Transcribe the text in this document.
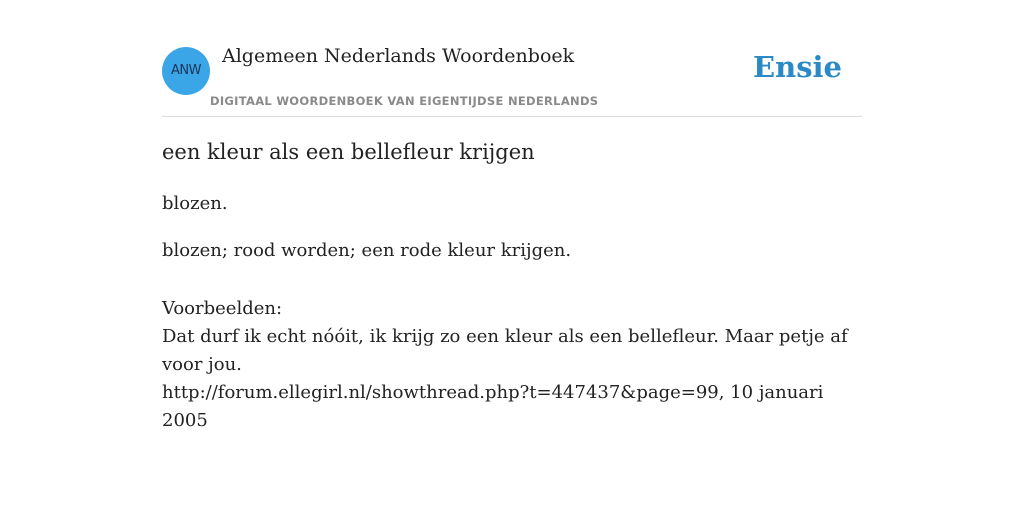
ANW
Algemeen Nederlands Woordenboek
DIGITAAL WOORDENBOEK VAN EIGENTIJDSE NEDERLANDS
Ensie
een kleur als een bellefleur krijgen
blozen.
blozen; rood worden; een rode kleur krijgen.
Voorbeelden:
Dat durf ik echt nóóit, ik krijg zo een kleur als een bellefleur. Maar petje af voor jou.
http://forum.ellegirl.nl/showthread.php?t=447437&page=99, 10 januari 2005
